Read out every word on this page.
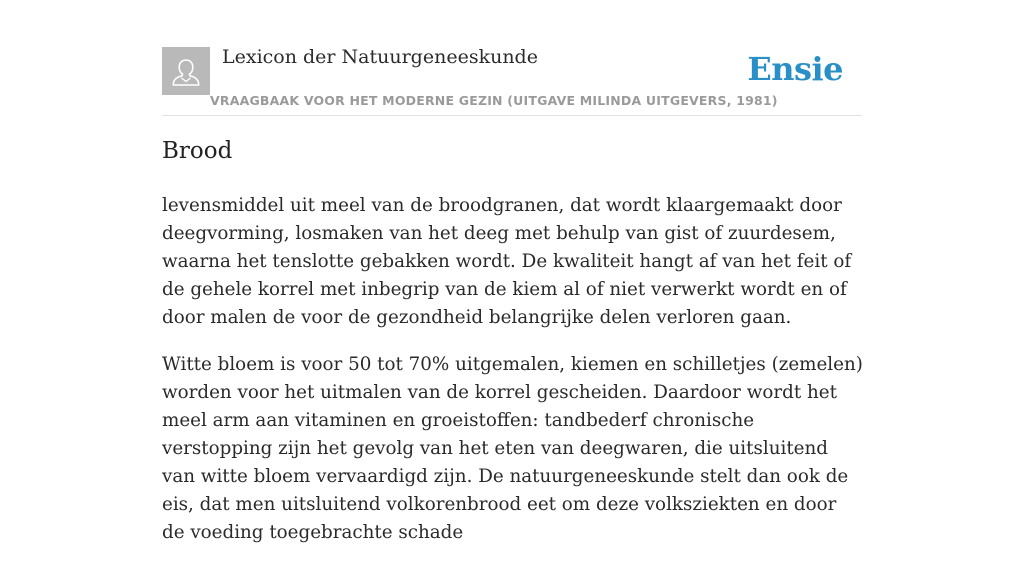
Lexicon der Natuurgeneeskunde
VRAAGBAAK VOOR HET MODERNE GEZIN (UITGAVE MILINDA UITGEVERS, 1981)
Ensie
Brood

levensmiddel uit meel van de broodgranen, dat wordt klaargemaakt door deegvorming, losmaken van het deeg met behulp van gist of zuurdesem, waarna het tenslotte gebakken wordt. De kwaliteit hangt af van het feit of de gehele korrel met inbegrip van de kiem al of niet verwerkt wordt en of door malen de voor de gezondheid belangrijke delen verloren gaan.

Witte bloem is voor 50 tot 70% uitgemalen, kiemen en schilletjes (zemelen) worden voor het uitmalen van de korrel gescheiden. Daardoor wordt het meel arm aan vitaminen en groeistoffen: tandbederf chronische verstopping zijn het gevolg van het eten van deegwaren, die uitsluitend van witte bloem vervaardigd zijn. De natuurgeneeskunde stelt dan ook de eis, dat men uitsluitend volkorenbrood eet om deze volksziekten en door de voeding toegebrachte schade
